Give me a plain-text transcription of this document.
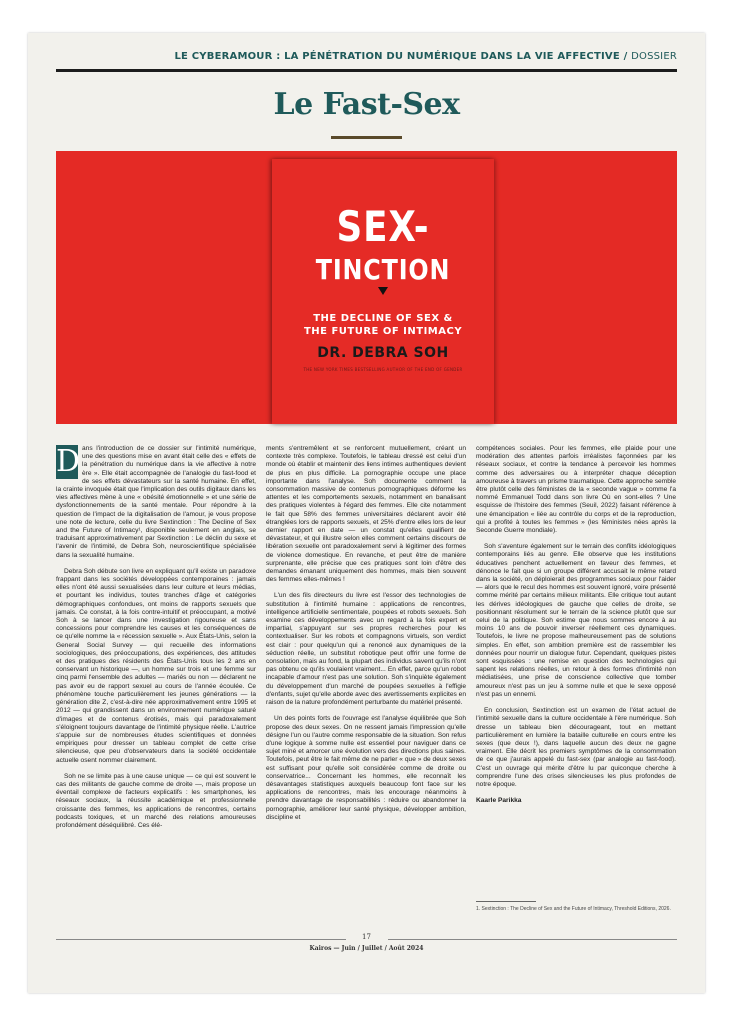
LE CYBERAMOUR : LA PÉNÉTRATION DU NUMÉRIQUE DANS LA VIE AFFECTIVE / DOSSIER
Le Fast-Sex
SEX-
TINCTION
THE DECLINE OF SEX &
THE FUTURE OF INTIMACY
DR. DEBRA SOH
THE NEW YORK TIMES BESTSELLING AUTHOR OF THE END OF GENDER

D ans l'introduction de ce dossier sur l'intimité numérique, une des questions mise en avant était celle des « effets de la pénétration du numérique dans la vie affective à notre ère ». Elle était accompagnée de l'analogie du fast-food et de ses effets dévastateurs sur la santé humaine. En effet, la crainte invoquée était que l'implication des outils digitaux dans les vies affectives mène à une « obésité émotionnelle » et une série de dysfonctionnements de la santé mentale. Pour répondre à la question de l'impact de la digitalisation de l'amour, je vous propose une note de lecture, celle du livre Sextinction : The Decline of Sex and the Future of Intimacy¹, disponible seulement en anglais, se traduisant approximativement par Sextinction : Le déclin du sexe et l'avenir de l'intimité, de Debra Soh, neuroscientifique spécialisée dans la sexualité humaine.

Debra Soh débute son livre en expliquant qu'il existe un paradoxe frappant dans les sociétés développées contemporaines : jamais elles n'ont été aussi sexualisées dans leur culture et leurs médias, et pourtant les individus, toutes tranches d'âge et catégories démographiques confondues, ont moins de rapports sexuels que jamais. Ce constat, à la fois contre-intuitif et préoccupant, a motivé Soh à se lancer dans une investigation rigoureuse et sans concessions pour comprendre les causes et les conséquences de ce qu'elle nomme la « récession sexuelle ». Aux États-Unis, selon la General Social Survey — qui recueille des informations sociologiques, des préoccupations, des expériences, des attitudes et des pratiques des résidents des États-Unis tous les 2 ans en conservant un historique —, un homme sur trois et une femme sur cinq parmi l'ensemble des adultes — mariés ou non — déclarent ne pas avoir eu de rapport sexuel au cours de l'année écoulée. Ce phénomène touche particulièrement les jeunes générations — la génération dite Z, c'est-à-dire née approximativement entre 1995 et 2012 — qui grandissent dans un environnement numérique saturé d'images et de contenus érotisés, mais qui paradoxalement s'éloignent toujours davantage de l'intimité physique réelle. L'autrice s'appuie sur de nombreuses études scientifiques et données empiriques pour dresser un tableau complet de cette crise silencieuse, que peu d'observateurs dans la société occidentale actuelle osent nommer clairement.

Soh ne se limite pas à une cause unique — ce qui est souvent le cas des militants de gauche comme de droite —, mais propose un éventail complexe de facteurs explicatifs : les smartphones, les réseaux sociaux, la réussite académique et professionnelle croissante des femmes, les applications de rencontres, certains podcasts toxiques, et un marché des relations amoureuses profondément déséquilibré. Ces élé-

ments s'entremêlent et se renforcent mutuellement, créant un contexte très complexe. Toutefois, le tableau dressé est celui d'un monde où établir et maintenir des liens intimes authentiques devient de plus en plus difficile. La pornographie occupe une place importante dans l'analyse. Soh documente comment la consommation massive de contenus pornographiques déforme les attentes et les comportements sexuels, notamment en banalisant des pratiques violentes à l'égard des femmes. Elle cite notamment le fait que 58% des femmes universitaires déclarent avoir été étranglées lors de rapports sexuels, et 25% d'entre elles lors de leur dernier rapport en date — un constat qu'elles qualifient de dévastateur, et qui illustre selon elles comment certains discours de libération sexuelle ont paradoxalement servi à légitimer des formes de violence domestique. En revanche, et peut être de manière surprenante, elle précise que ces pratiques sont loin d'être des demandes émanant uniquement des hommes, mais bien souvent des femmes elles-mêmes !

L'un des fils directeurs du livre est l'essor des technologies de substitution à l'intimité humaine : applications de rencontres, intelligence artificielle sentimentale, poupées et robots sexuels. Soh examine ces développements avec un regard à la fois expert et impartial, s'appuyant sur ses propres recherches pour les contextualiser. Sur les robots et compagnons virtuels, son verdict est clair : pour quelqu'un qui a renoncé aux dynamiques de la séduction réelle, un substitut robotique peut offrir une forme de consolation, mais au fond, la plupart des individus savent qu'ils n'ont pas obtenu ce qu'ils voulaient vraiment... En effet, parce qu'un robot incapable d'amour n'est pas une solution. Soh s'inquiète également du développement d'un marché de poupées sexuelles à l'effigie d'enfants, sujet qu'elle aborde avec des avertissements explicites en raison de la nature profondément perturbante du matériel présenté.

Un des points forts de l'ouvrage est l'analyse équilibrée que Soh propose des deux sexes. On ne ressent jamais l'impression qu'elle désigne l'un ou l'autre comme responsable de la situation. Son refus d'une logique à somme nulle est essentiel pour naviguer dans ce sujet miné et amorcer une évolution vers des directions plus saines. Toutefois, peut être le fait même de ne parler « que » de deux sexes est suffisant pour qu'elle soit considérée comme de droite ou conservatrice... Concernant les hommes, elle reconnaît les désavantages statistiques auxquels beaucoup font face sur les applications de rencontres, mais les encourage néanmoins à prendre davantage de responsabilités : réduire ou abandonner la pornographie, améliorer leur santé physique, développer ambition, discipline et

compétences sociales. Pour les femmes, elle plaide pour une modération des attentes parfois irréalistes façonnées par les réseaux sociaux, et contre la tendance à percevoir les hommes comme des adversaires ou à interpréter chaque déception amoureuse à travers un prisme traumatique. Cette approche semble être plutôt celle des féministes de la « seconde vague » comme l'a nommé Emmanuel Todd dans son livre Où en sont-elles ? Une esquisse de l'histoire des femmes (Seuil, 2022) faisant référence à une émancipation « liée au contrôle du corps et de la reproduction, qui a profité à toutes les femmes » (les féministes nées après la Seconde Guerre mondiale).

Soh s'aventure également sur le terrain des conflits idéologiques contemporains liés au genre. Elle observe que les institutions éducatives penchent actuellement en faveur des femmes, et dénonce le fait que si un groupe différent accusait le même retard dans la société, on déploierait des programmes sociaux pour l'aider — alors que le recul des hommes est souvent ignoré, voire présenté comme mérité par certains milieux militants. Elle critique tout autant les dérives idéologiques de gauche que celles de droite, se positionnant résolument sur le terrain de la science plutôt que sur celui de la politique. Soh estime que nous sommes encore à au moins 10 ans de pouvoir inverser réellement ces dynamiques. Toutefois, le livre ne propose malheureusement pas de solutions simples. En effet, son ambition première est de rassembler les données pour nourrir un dialogue futur. Cependant, quelques pistes sont esquissées : une remise en question des technologies qui sapent les relations réelles, un retour à des formes d'intimité non médiatisées, une prise de conscience collective que tomber amoureux n'est pas un jeu à somme nulle et que le sexe opposé n'est pas un ennemi.

En conclusion, Sextinction est un examen de l'état actuel de l'intimité sexuelle dans la culture occidentale à l'ère numérique. Soh dresse un tableau bien décourageant, tout en mettant particulièrement en lumière la bataille culturelle en cours entre les sexes (que deux !), dans laquelle aucun des deux ne gagne vraiment. Elle décrit les premiers symptômes de la consommation de ce que j'aurais appelé du fast-sex (par analogie au fast-food). C'est un ouvrage qui mérite d'être lu par quiconque cherche à comprendre l'une des crises silencieuses les plus profondes de notre époque.

Kaarle Parikka

1. Sextinction : The Decline of Sex and the Future of Intimacy, Threshold Editions, 2026.
17
Kairos — Juin / Juillet / Août 2024
